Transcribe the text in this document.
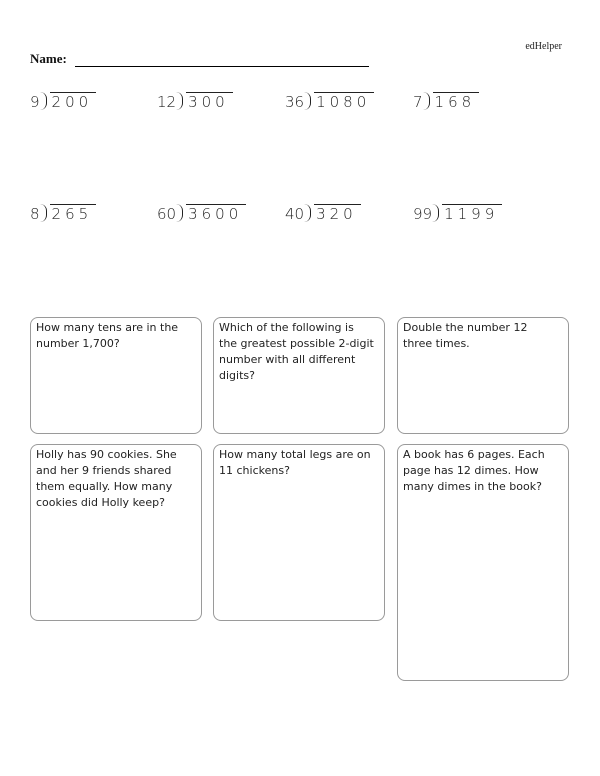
edHelper
Name:
9 200	12 300	36 1080	7 168
8 265	60 3600	40 320	99 1199
How many tens are in the
number 1,700?
Which of the following is
the greatest possible 2-digit
number with all different
digits?
Double the number 12
three times.
Holly has 90 cookies. She
and her 9 friends shared
them equally. How many
cookies did Holly keep?
How many total legs are on
11 chickens?
A book has 6 pages. Each
page has 12 dimes. How
many dimes in the book?
